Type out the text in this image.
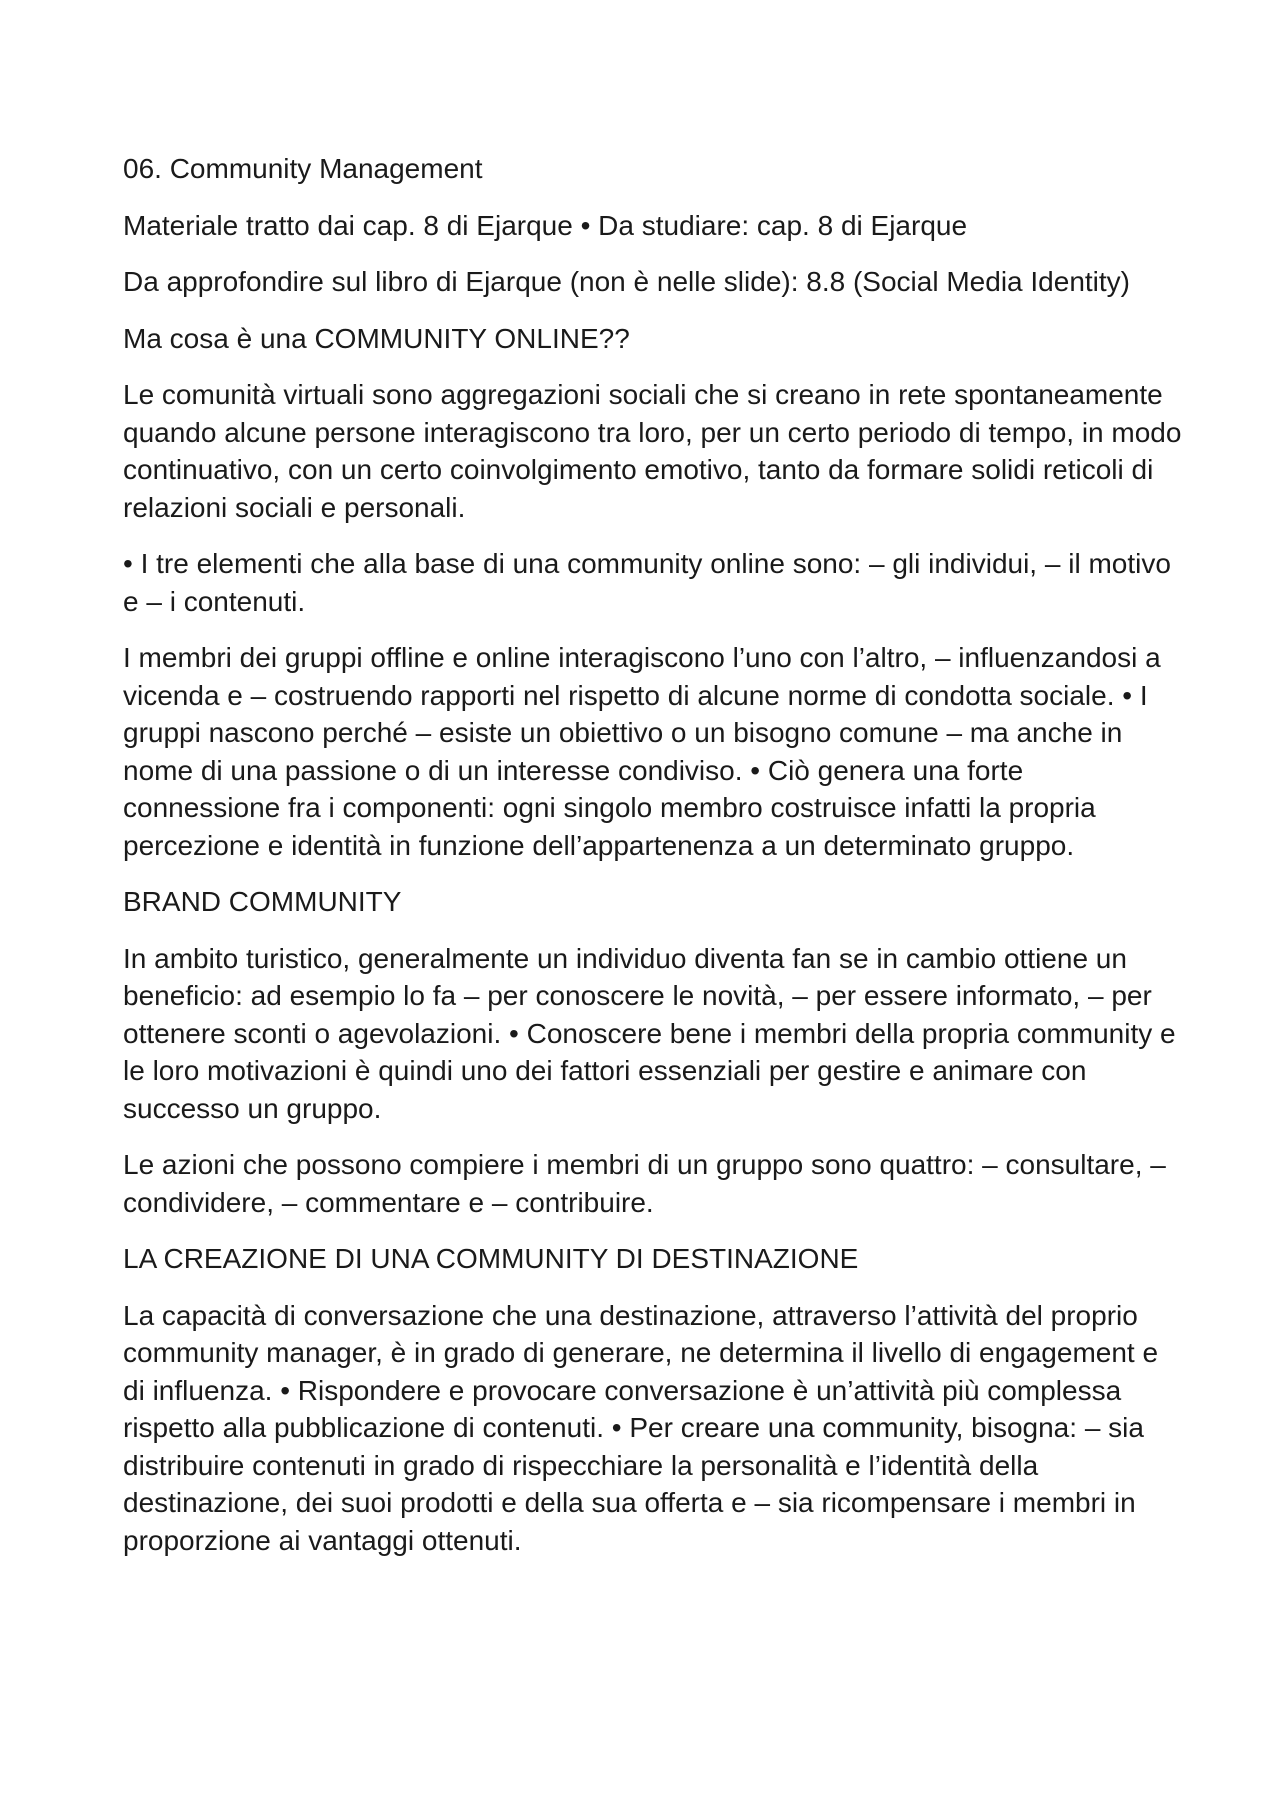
06. Community Management

Materiale tratto dai cap. 8 di Ejarque • Da studiare: cap. 8 di Ejarque

Da approfondire sul libro di Ejarque (non è nelle slide): 8.8 (Social Media Identity)

Ma cosa è una COMMUNITY ONLINE??

Le comunità virtuali sono aggregazioni sociali che si creano in rete spontaneamente quando alcune persone interagiscono tra loro, per un certo periodo di tempo, in modo continuativo, con un certo coinvolgimento emotivo, tanto da formare solidi reticoli di relazioni sociali e personali.

• I tre elementi che alla base di una community online sono: – gli individui, – il motivo e – i contenuti.

I membri dei gruppi offline e online interagiscono l’uno con l’altro, – influenzandosi a vicenda e – costruendo rapporti nel rispetto di alcune norme di condotta sociale. • I gruppi nascono perché – esiste un obiettivo o un bisogno comune – ma anche in nome di una passione o di un interesse condiviso. • Ciò genera una forte connessione fra i componenti: ogni singolo membro costruisce infatti la propria percezione e identità in funzione dell’appartenenza a un determinato gruppo.

BRAND COMMUNITY

In ambito turistico, generalmente un individuo diventa fan se in cambio ottiene un beneficio: ad esempio lo fa – per conoscere le novità, – per essere informato, – per ottenere sconti o agevolazioni. • Conoscere bene i membri della propria community e le loro motivazioni è quindi uno dei fattori essenziali per gestire e animare con successo un gruppo.

Le azioni che possono compiere i membri di un gruppo sono quattro: – consultare, – condividere, – commentare e – contribuire.

LA CREAZIONE DI UNA COMMUNITY DI DESTINAZIONE

La capacità di conversazione che una destinazione, attraverso l’attività del proprio community manager, è in grado di generare, ne determina il livello di engagement e di influenza. • Rispondere e provocare conversazione è un’attività più complessa rispetto alla pubblicazione di contenuti. • Per creare una community, bisogna: – sia distribuire contenuti in grado di rispecchiare la personalità e l’identità della destinazione, dei suoi prodotti e della sua offerta e – sia ricompensare i membri in proporzione ai vantaggi ottenuti.
